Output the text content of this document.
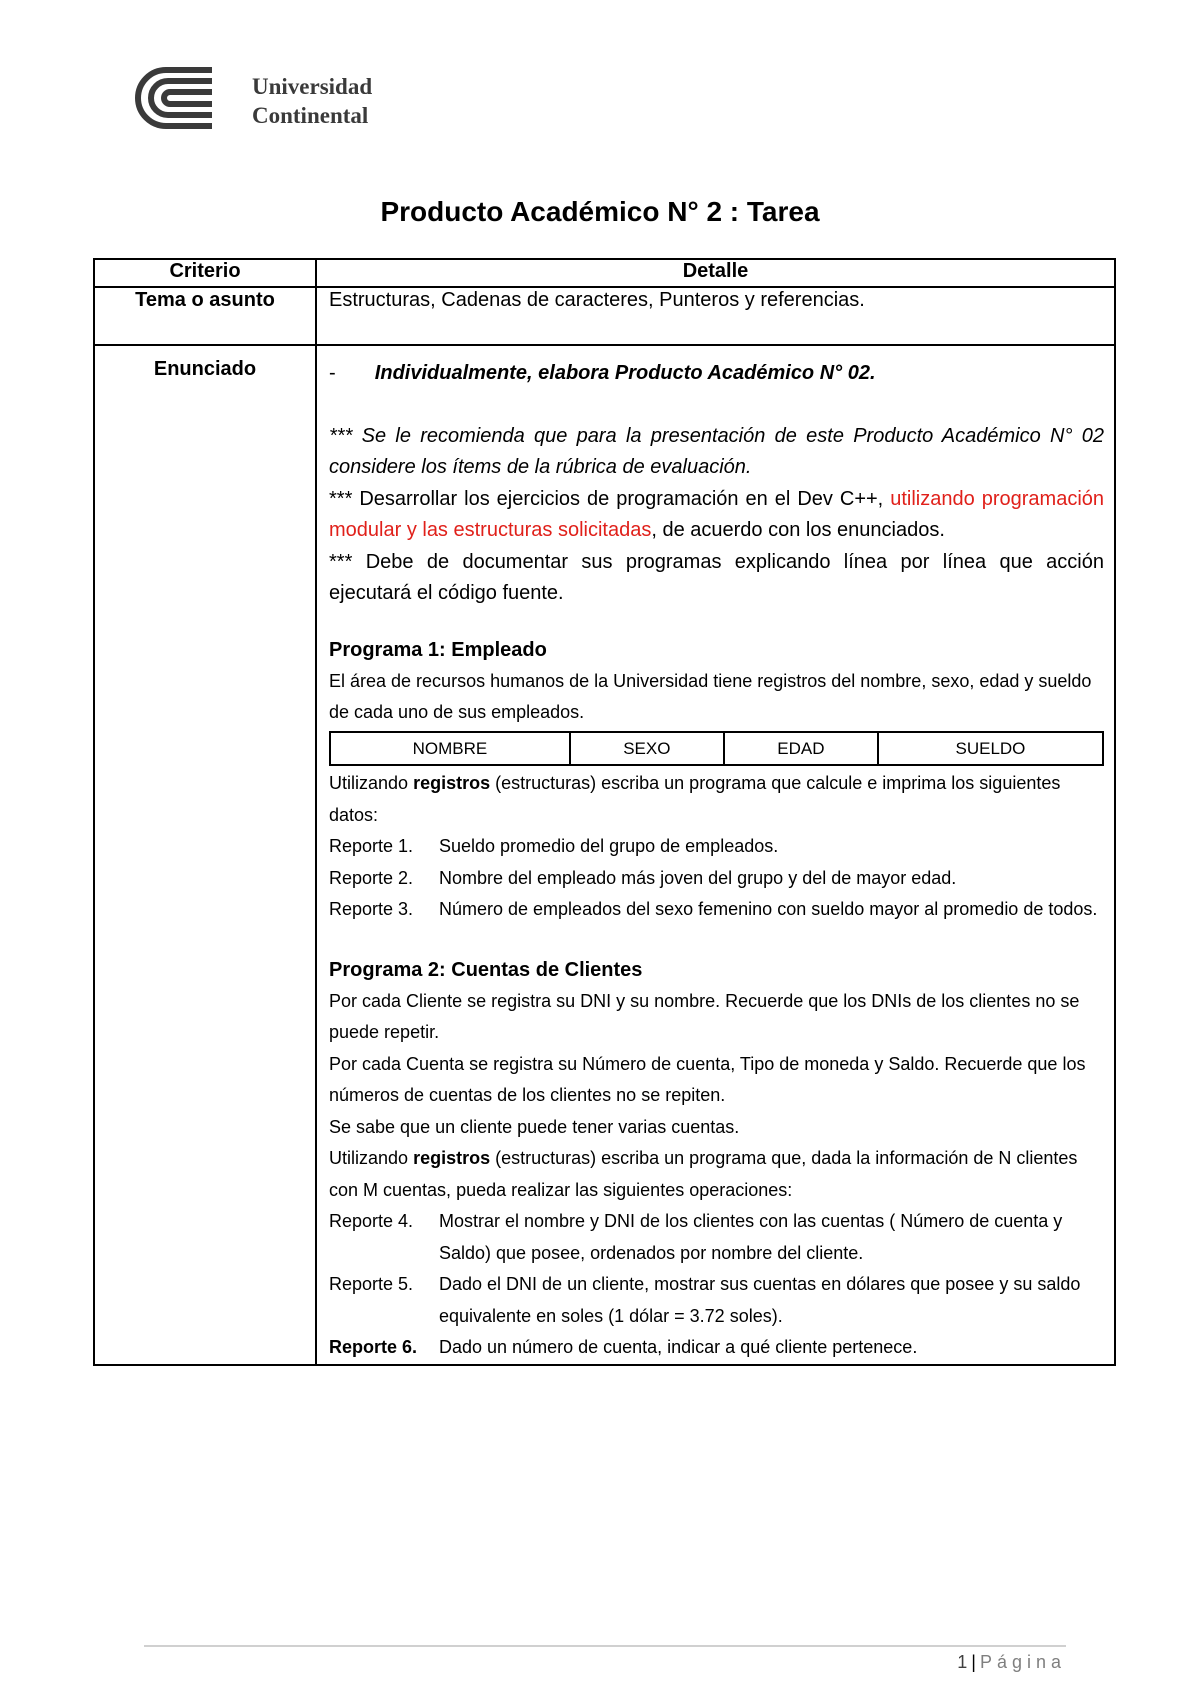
Universidad
Continental
Producto Académico N° 2 : Tarea
Criterio	Detalle
Tema o asunto	Estructuras, Cadenas de caracteres, Punteros y referencias.
Enunciado	- Individualmente, elabora Producto Académico N° 02.
*** Se le recomienda que para la presentación de este Producto Académico N° 02 considere los ítems de la rúbrica de evaluación.
*** Desarrollar los ejercicios de programación en el Dev C++, utilizando programación modular y las estructuras solicitadas, de acuerdo con los enunciados.
*** Debe de documentar sus programas explicando línea por línea que acción ejecutará el código fuente.
Programa 1: Empleado
El área de recursos humanos de la Universidad tiene registros del nombre, sexo, edad y sueldo de cada uno de sus empleados.
NOMBRE	SEXO	EDAD	SUELDO
Utilizando registros (estructuras) escriba un programa que calcule e imprima los siguientes datos:
Reporte 1.	Sueldo promedio del grupo de empleados.
Reporte 2.	Nombre del empleado más joven del grupo y del de mayor edad.
Reporte 3.	Número de empleados del sexo femenino con sueldo mayor al promedio de todos.
Programa 2: Cuentas de Clientes
Por cada Cliente se registra su DNI y su nombre. Recuerde que los DNIs de los clientes no se puede repetir.
Por cada Cuenta se registra su Número de cuenta, Tipo de moneda y Saldo. Recuerde que los números de cuentas de los clientes no se repiten.
Se sabe que un cliente puede tener varias cuentas.
Utilizando registros (estructuras) escriba un programa que, dada la información de N clientes con M cuentas, pueda realizar las siguientes operaciones:
Reporte 4.	Mostrar el nombre y DNI de los clientes con las cuentas ( Número de cuenta y Saldo) que posee, ordenados por nombre del cliente.
Reporte 5.	Dado el DNI de un cliente, mostrar sus cuentas en dólares que posee y su saldo equivalente en soles (1 dólar = 3.72 soles).
Reporte 6.	Dado un número de cuenta, indicar a qué cliente pertenece.
1 | Página
